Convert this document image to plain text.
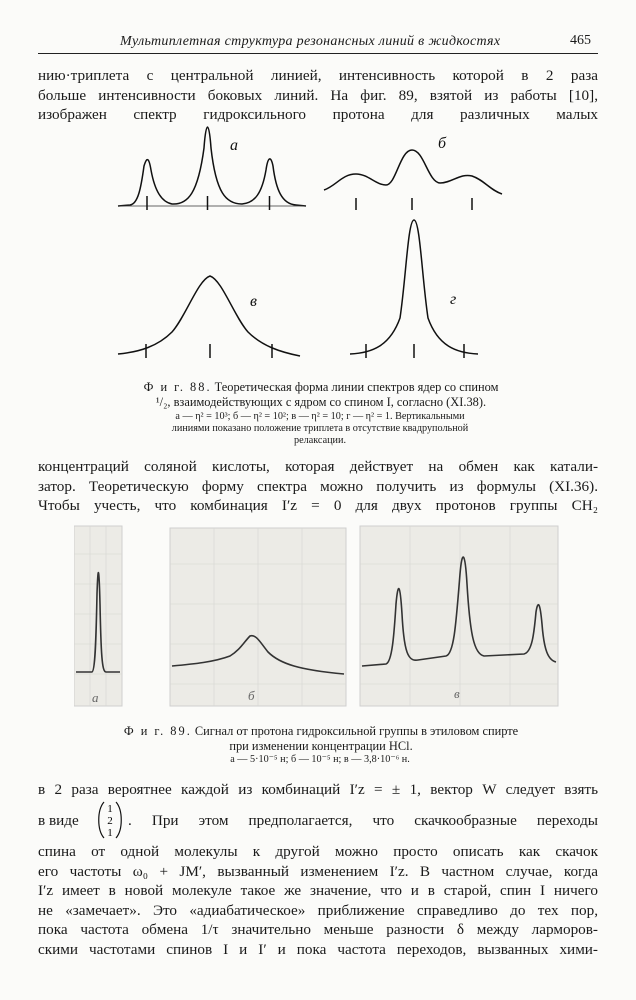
Мультиплетная структура резонансных линий в жидкостях	465
нию·триплета с центральной линией, интенсивность которой в 2 раза
больше интенсивности боковых линий. На фиг. 89, взятой из работы [10],
изображен спектр гидроксильного протона для различных малых
а	б
в	г
Ф и г. 88. Теоретическая форма линии спектров ядер со спином
¹/₂, взаимодействующих с ядром со спином I, согласно (XI.38).
а — η² = 10³; б — η² = 10²; в — η² = 10; г — η² = 1. Вертикальными
линиями показано положение триплета в отсутствие квадрупольной
релаксации.
концентраций соляной кислоты, которая действует на обмен как катали-
затор. Теоретическую форму спектра можно получить из формулы (XI.36).
Чтобы учесть, что комбинация I′z = 0 для двух протонов группы CH₂
а	б	в
Ф и г. 89. Сигнал от протона гидроксильной группы в этиловом спирте
при изменении концентрации HCl.
а — 5·10⁻⁵ н; б — 10⁻⁵ н; в — 3,8·10⁻⁶ н.
в 2 раза вероятнее каждой из комбинаций I′z = ± 1, вектор W следует взять
в виде
1
2
1
. При этом предполагается, что скачкообразные переходы
спина от одной молекулы к другой можно просто описать как скачок
его частоты ω₀ + JM′, вызванный изменением I′z. В частном случае, когда
I′z имеет в новой молекуле такое же значение, что и в старой, спин I ничего
не «замечает». Это «адиабатическое» приближение справедливо до тех пор,
пока частота обмена 1/τ значительно меньше разности δ между ларморов-
скими частотами спинов I и I′ и пока частота переходов, вызванных хими-
